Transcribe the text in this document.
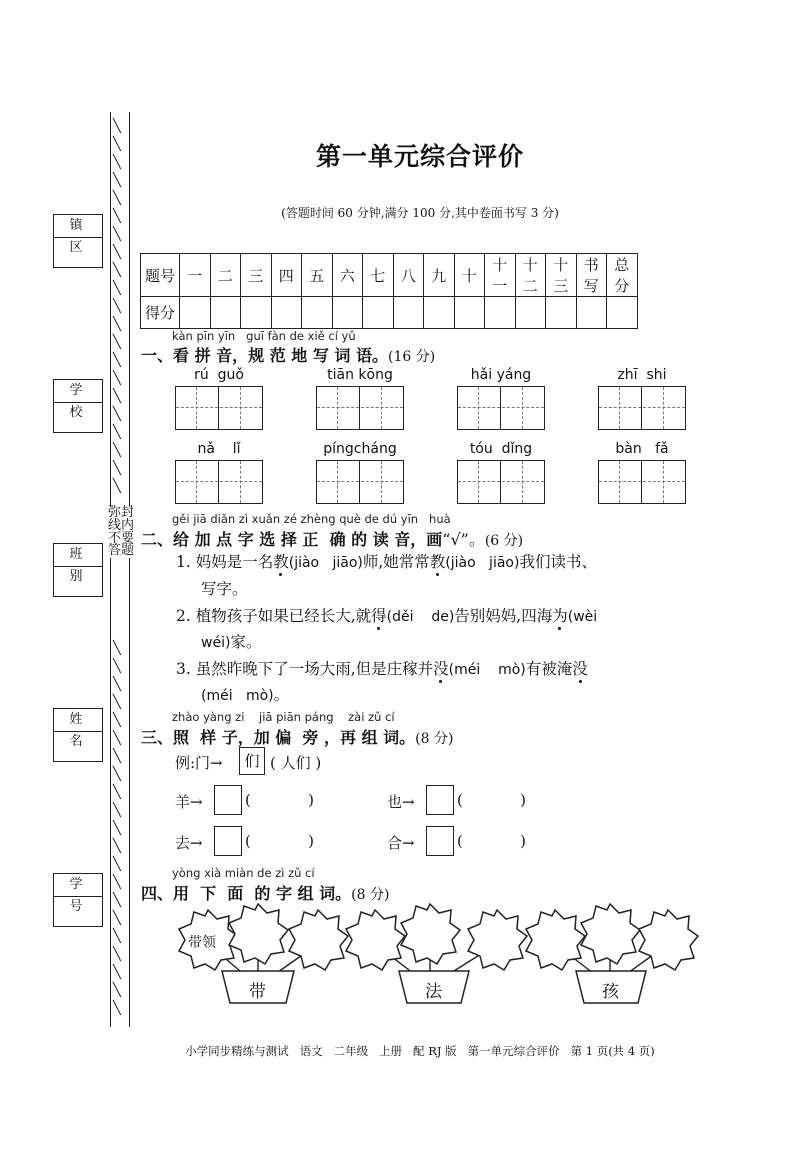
╲
╲
╲
╲
╲
╲
╲
╲
╲
╲
╲
╲
╲
╲
╲
╲
╲
╲
╲
╲
╲
╲
╲
╲
╲
╲
╲
╲
╲
╲
╲
╲
╲
╲
╲
╲
╲
╲
╲
╲
╲
╲
弥封线内不要答题
镇区
学校
班别
姓名
学号
第一单元综合评价
(答题时间 60 分钟,满分 100 分,其中卷面书写 3 分)
题号	一	二	三	四	五	六	七	八	九	十	十一	十二	十三	书写	总分
得分															
kàn pīn yīn   guī fàn de xiě cí yǔ
一、看 拼 音，规 范 地 写 词 语。(16 分)
rú  guǒ	tiān kōng	hǎi yáng	zhī  shi
nǎ    lǐ	píngcháng	tóu  dǐng	bàn   fǎ
gěi jiā diǎn zì xuǎn zé zhèng què de dú yīn   huà
二、给 加 点 字 选 择 正  确 的 读 音，画“√”。(6 分)
1. 妈妈是一名教(jiào   jiāo)师,她常常教(jiào   jiāo)我们读书、
写字。
2. 植物孩子如果已经长大,就得(děi    de)告别妈妈,四海为(wèi
wéi)家。
3. 虽然昨晚下了一场大雨,但是庄稼并没(méi    mò)有被淹没
(méi   mò)。
zhào yàng zi    jiā piān páng    zài zǔ cí
三、照  样 子，加 偏  旁 ，再 组 词。(8 分)
例:门→	们 ( 人们 )
羊→	(            )	也→	(            )
去→	(            )	合→	(            )
yòng xià miàn de zì zǔ cí
四、用  下  面  的 字 组 词。(8 分)
带领
带	法	孩
小学同步精练与测试   语文   二年级   上册   配 RJ 版   第一单元综合评价   第 1 页(共 4 页)
